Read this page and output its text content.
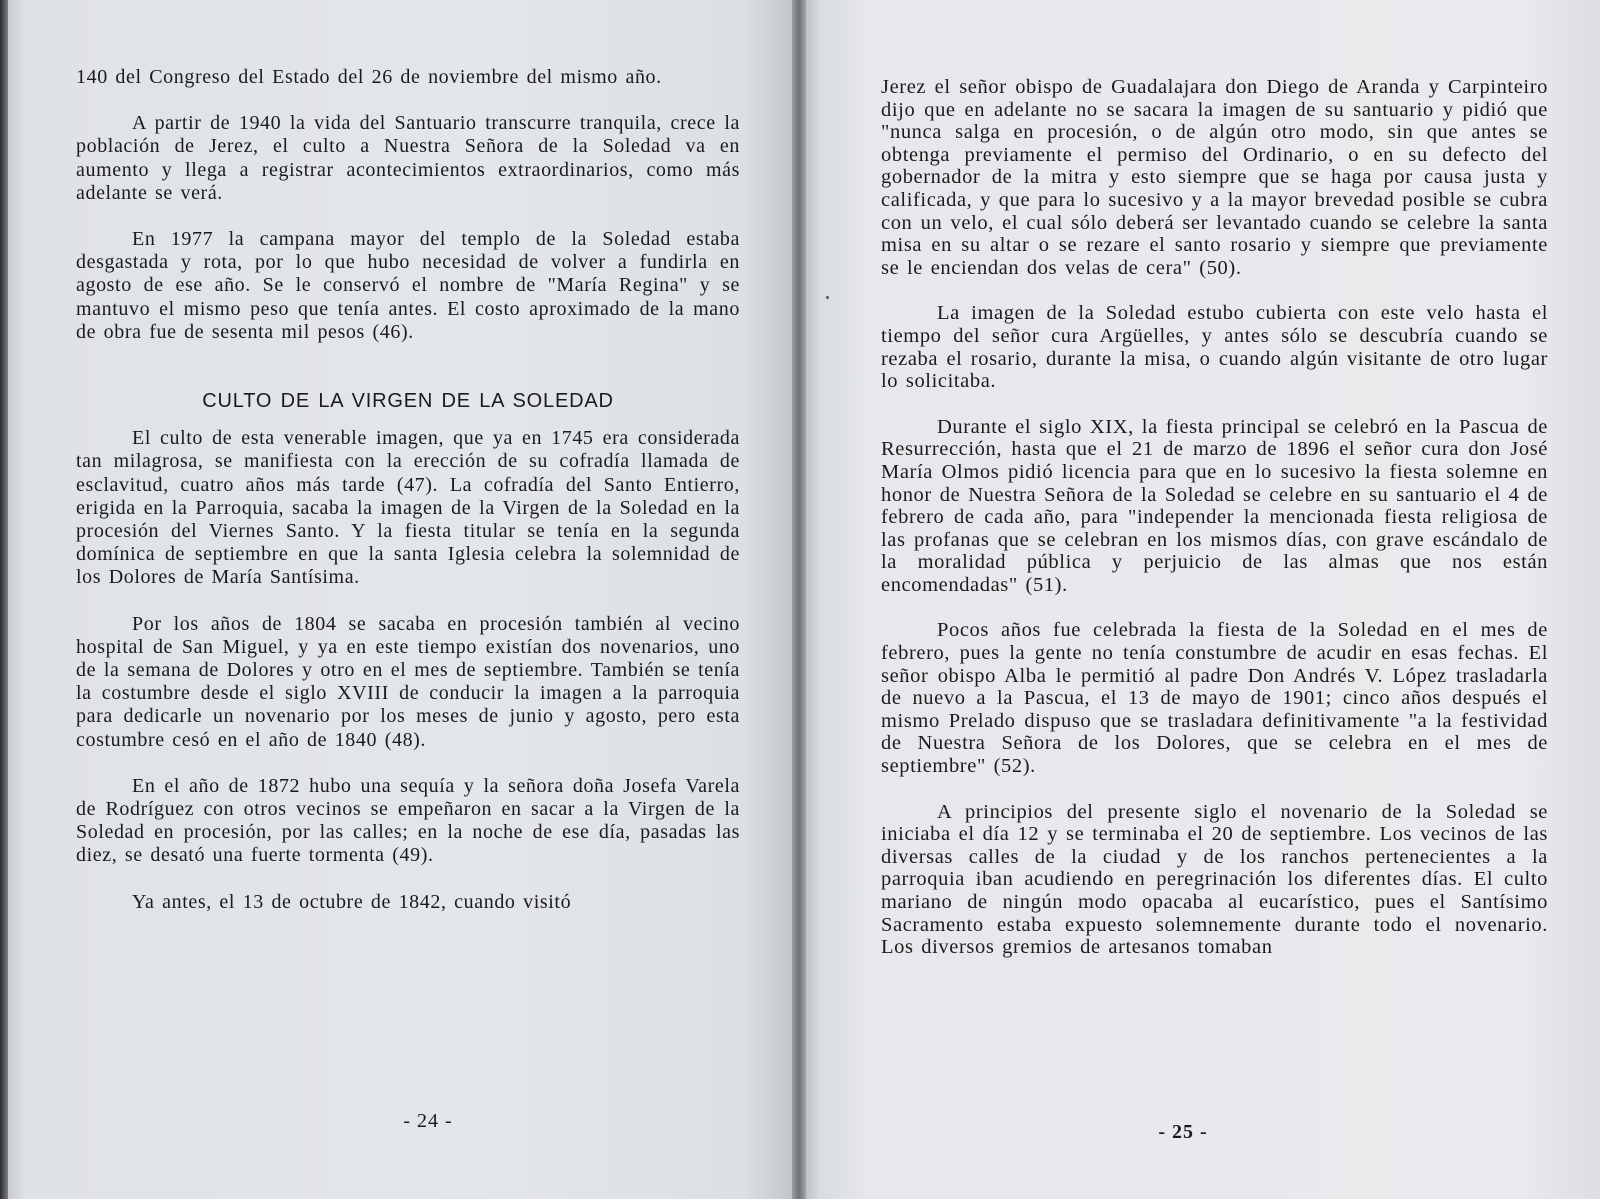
140 del Congreso del Estado del 26 de noviembre del mismo año.

A partir de 1940 la vida del Santuario transcurre tranquila, crece la población de Jerez, el culto a Nuestra Señora de la Soledad va en aumento y llega a registrar acontecimientos extraordinarios, como más adelante se verá.

En 1977 la campana mayor del templo de la Soledad estaba desgastada y rota, por lo que hubo necesidad de volver a fundirla en agosto de ese año. Se le conservó el nombre de "María Regina" y se mantuvo el mismo peso que tenía antes. El costo aproximado de la mano de obra fue de sesenta mil pesos (46).

CULTO DE LA VIRGEN DE LA SOLEDAD

El culto de esta venerable imagen, que ya en 1745 era considerada tan milagrosa, se manifiesta con la erección de su cofradía llamada de esclavitud, cuatro años más tarde (47). La cofradía del Santo Entierro, erigida en la Parroquia, sacaba la imagen de la Virgen de la Soledad en la procesión del Viernes Santo. Y la fiesta titular se tenía en la segunda domínica de septiembre en que la santa Iglesia celebra la solemnidad de los Dolores de María Santísima.

Por los años de 1804 se sacaba en procesión también al vecino hospital de San Miguel, y ya en este tiempo existían dos novenarios, uno de la semana de Dolores y otro en el mes de septiembre. También se tenía la costumbre desde el siglo XVIII de conducir la imagen a la parroquia para dedicarle un novenario por los meses de junio y agosto, pero esta costumbre cesó en el año de 1840 (48).

En el año de 1872 hubo una sequía y la señora doña Josefa Varela de Rodríguez con otros vecinos se empeñaron en sacar a la Virgen de la Soledad en procesión, por las calles; en la noche de ese día, pasadas las diez, se desató una fuerte tormenta (49).

Ya antes, el 13 de octubre de 1842, cuando visitó

- 24 -

Jerez el señor obispo de Guadalajara don Diego de Aranda y Carpinteiro dijo que en adelante no se sacara la imagen de su santuario y pidió que "nunca salga en procesión, o de algún otro modo, sin que antes se obtenga previamente el permiso del Ordinario, o en su defecto del gobernador de la mitra y esto siempre que se haga por causa justa y calificada, y que para lo sucesivo y a la mayor brevedad posible se cubra con un velo, el cual sólo deberá ser levantado cuando se celebre la santa misa en su altar o se rezare el santo rosario y siempre que previamente se le enciendan dos velas de cera" (50).

La imagen de la Soledad estubo cubierta con este velo hasta el tiempo del señor cura Argüelles, y antes sólo se descubría cuando se rezaba el rosario, durante la misa, o cuando algún visitante de otro lugar lo solicitaba.

Durante el siglo XIX, la fiesta principal se celebró en la Pascua de Resurrección, hasta que el 21 de marzo de 1896 el señor cura don José María Olmos pidió licencia para que en lo sucesivo la fiesta solemne en honor de Nuestra Señora de la Soledad se celebre en su santuario el 4 de febrero de cada año, para "independer la mencionada fiesta religiosa de las profanas que se celebran en los mismos días, con grave escándalo de la moralidad pública y perjuicio de las almas que nos están encomendadas" (51).

Pocos años fue celebrada la fiesta de la Soledad en el mes de febrero, pues la gente no tenía constumbre de acudir en esas fechas. El señor obispo Alba le permitió al padre Don Andrés V. López trasladarla de nuevo a la Pascua, el 13 de mayo de 1901; cinco años después el mismo Prelado dispuso que se trasladara definitivamente "a la festividad de Nuestra Señora de los Dolores, que se celebra en el mes de septiembre" (52).

A principios del presente siglo el novenario de la Soledad se iniciaba el día 12 y se terminaba el 20 de septiembre. Los vecinos de las diversas calles de la ciudad y de los ranchos pertenecientes a la parroquia iban acudiendo en peregrinación los diferentes días. El culto mariano de ningún modo opacaba al eucarístico, pues el Santísimo Sacramento estaba expuesto solemnemente durante todo el novenario. Los diversos gremios de artesanos tomaban

- 25 -
